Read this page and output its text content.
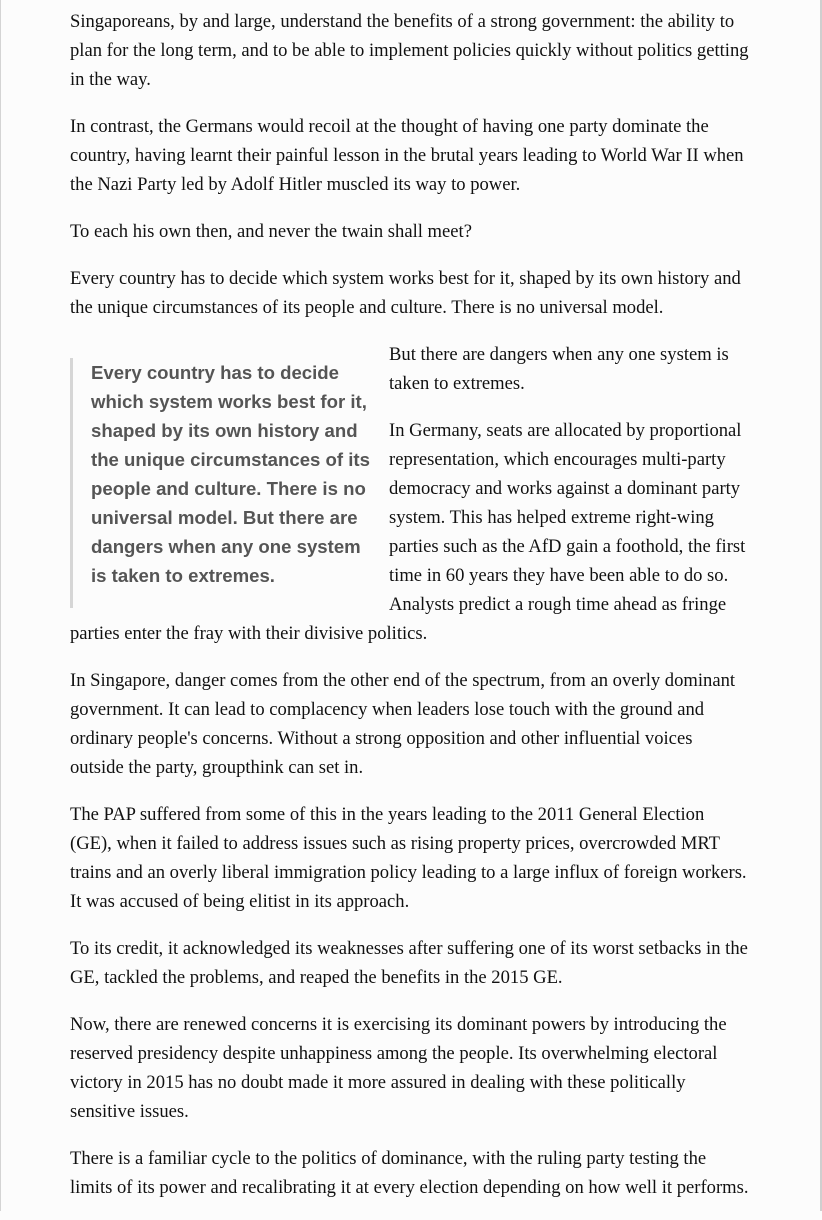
Singaporeans, by and large, understand the benefits of a strong government: the ability to plan for the long term, and to be able to implement policies quickly without politics getting in the way.

In contrast, the Germans would recoil at the thought of having one party dominate the country, having learnt their painful lesson in the brutal years leading to World War II when the Nazi Party led by Adolf Hitler muscled its way to power.

To each his own then, and never the twain shall meet?

Every country has to decide which system works best for it, shaped by its own history and the unique circumstances of its people and culture. There is no universal model.

Every country has to decide which system works best for it, shaped by its own history and the unique circumstances of its people and culture. There is no universal model. But there are dangers when any one system is taken to extremes.

But there are dangers when any one system is taken to extremes.

In Germany, seats are allocated by proportional representation, which encourages multi-party democracy and works against a dominant party system. This has helped extreme right-wing parties such as the AfD gain a foothold, the first time in 60 years they have been able to do so. Analysts predict a rough time ahead as fringe parties enter the fray with their divisive politics.

In Singapore, danger comes from the other end of the spectrum, from an overly dominant government. It can lead to complacency when leaders lose touch with the ground and ordinary people's concerns. Without a strong opposition and other influential voices outside the party, groupthink can set in.

The PAP suffered from some of this in the years leading to the 2011 General Election (GE), when it failed to address issues such as rising property prices, overcrowded MRT trains and an overly liberal immigration policy leading to a large influx of foreign workers. It was accused of being elitist in its approach.

To its credit, it acknowledged its weaknesses after suffering one of its worst setbacks in the GE, tackled the problems, and reaped the benefits in the 2015 GE.

Now, there are renewed concerns it is exercising its dominant powers by introducing the reserved presidency despite unhappiness among the people. Its overwhelming electoral victory in 2015 has no doubt made it more assured in dealing with these politically sensitive issues.

There is a familiar cycle to the politics of dominance, with the ruling party testing the limits of its power and recalibrating it at every election depending on how well it performs.
